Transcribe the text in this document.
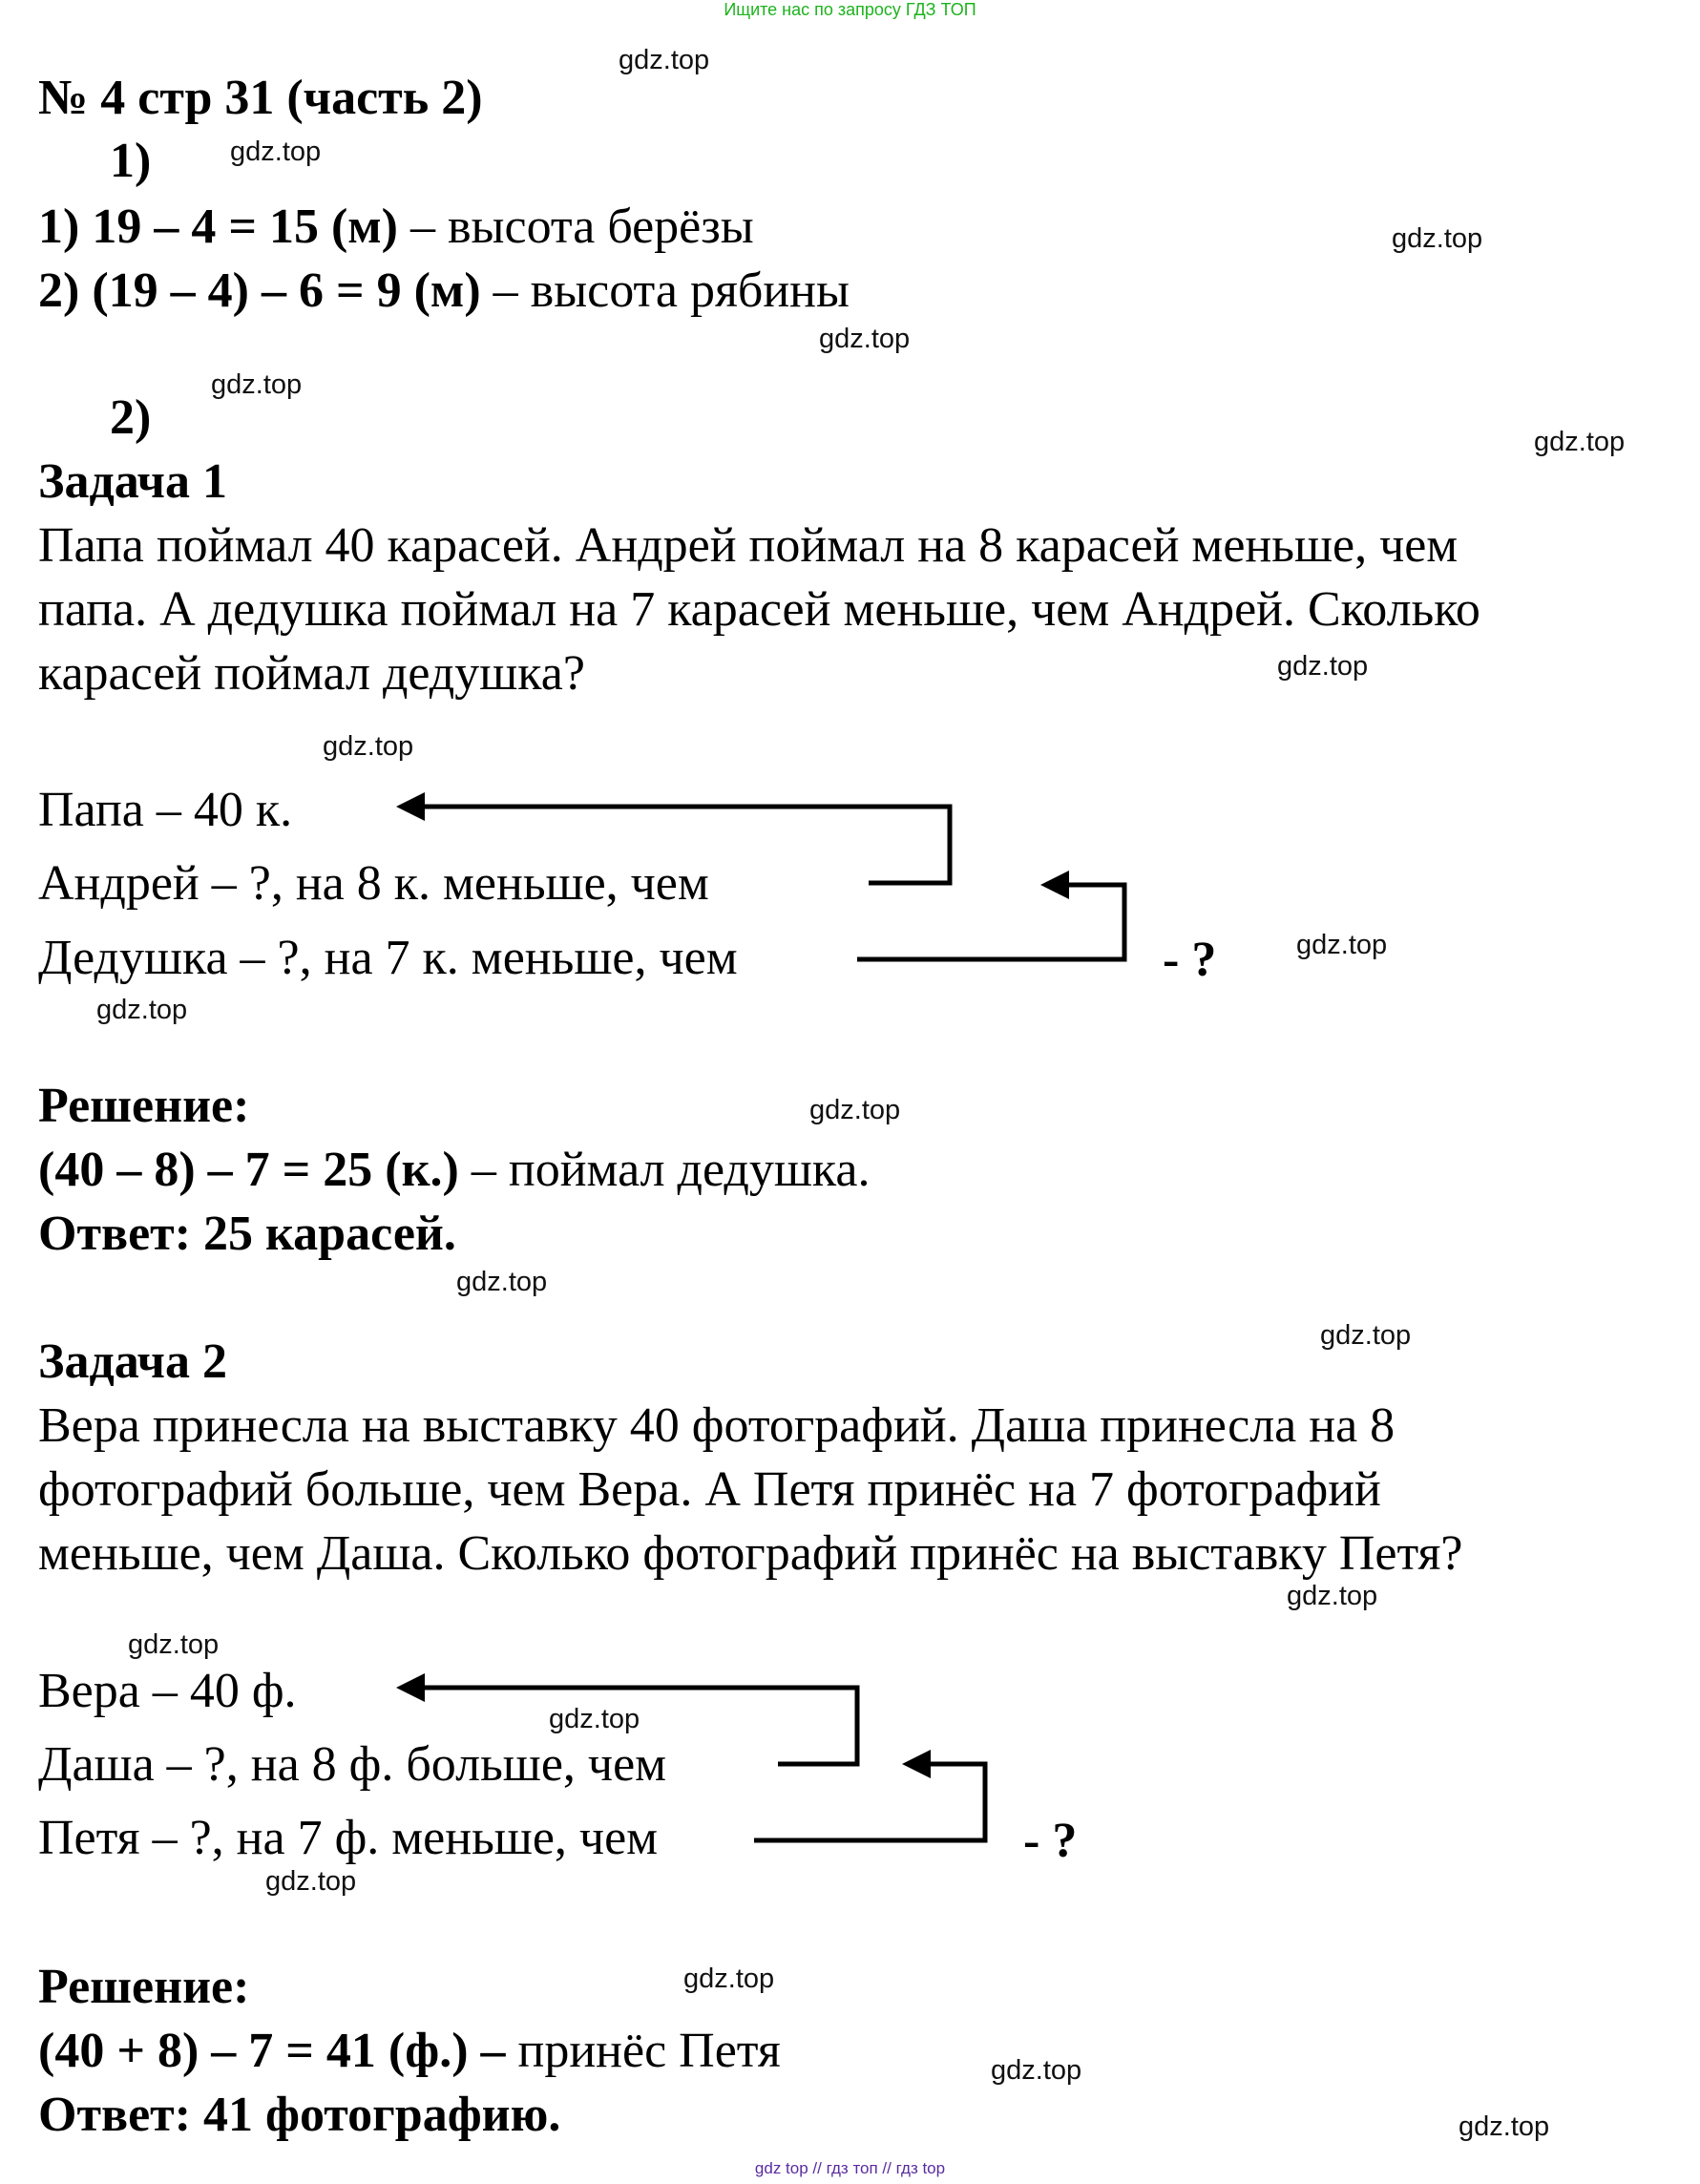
Ищите нас по запросу ГДЗ ТОП
№ 4 стр 31 (часть 2)
1)
1) 19 – 4 = 15 (м) – высота берёзы
2) (19 – 4) – 6 = 9 (м) – высота рябины
2)
Задача 1
Папа поймал 40 карасей. Андрей поймал на 8 карасей меньше, чем
папа. А дедушка поймал на 7 карасей меньше, чем Андрей. Сколько
карасей поймал дедушка?
Папа – 40 к.
Андрей – ?, на 8 к. меньше, чем
Дедушка – ?, на 7 к. меньше, чем	- ?
Решение:
(40 – 8) – 7 = 25 (к.) – поймал дедушка.
Ответ: 25 карасей.
Задача 2
Вера принесла на выставку 40 фотографий. Даша принесла на 8
фотографий больше, чем Вера. А Петя принёс на 7 фотографий
меньше, чем Даша. Сколько фотографий принёс на выставку Петя?
Вера – 40 ф.
Даша – ?, на 8 ф. больше, чем
Петя – ?, на 7 ф. меньше, чем	- ?
Решение:
(40 + 8) – 7 = 41 (ф.) – принёс Петя
Ответ: 41 фотографию.
gdz.top
gdz.top
gdz.top
gdz.top
gdz.top
gdz.top
gdz.top
gdz.top
gdz.top
gdz.top
gdz.top
gdz.top
gdz.top
gdz.top
gdz.top
gdz.top
gdz.top
gdz.top
gdz.top
gdz.top
gdz top // гдз топ // гдз top
